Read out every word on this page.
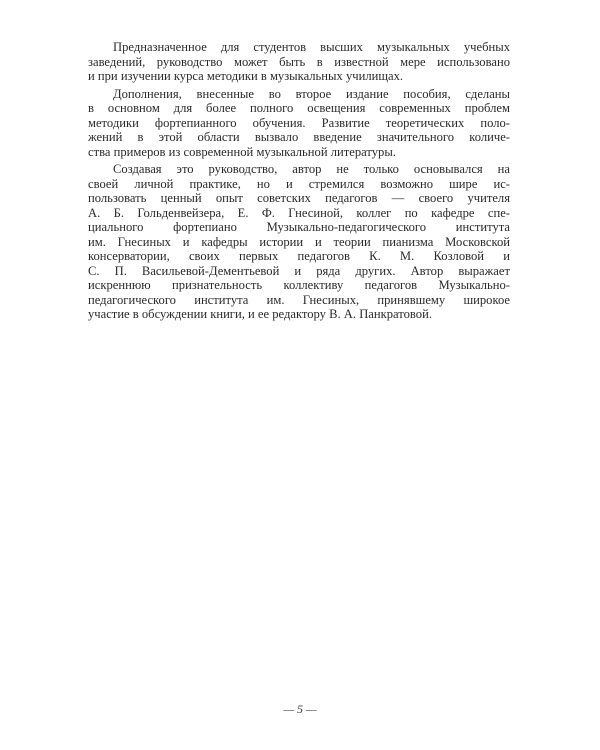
Предназначенное для студентов высших музыкальных учебных
заведений, руководство может быть в известной мере использовано
и при изучении курса методики в музыкальных училищах.
Дополнения, внесенные во второе издание пособия, сделаны
в основном для более полного освещения современных проблем
методики фортепианного обучения. Развитие теоретических поло-
жений в этой области вызвало введение значительного количе-
ства примеров из современной музыкальной литературы.
Создавая это руководство, автор не только основывался на
своей личной практике, но и стремился возможно шире ис-
пользовать ценный опыт советских педагогов — своего учителя
А. Б. Гольденвейзера, Е. Ф. Гнесиной, коллег по кафедре спе-
циального фортепиано Музыкально-педагогического института
им. Гнесиных и кафедры истории и теории пианизма Московской
консерватории, своих первых педагогов К. М. Козловой и
С. П. Васильевой-Дементьевой и ряда других. Автор выражает
искреннюю признательность коллективу педагогов Музыкально-
педагогического института им. Гнесиных, принявшему широкое
участие в обсуждении книги, и ее редактору В. А. Панкратовой.
— 5 —
